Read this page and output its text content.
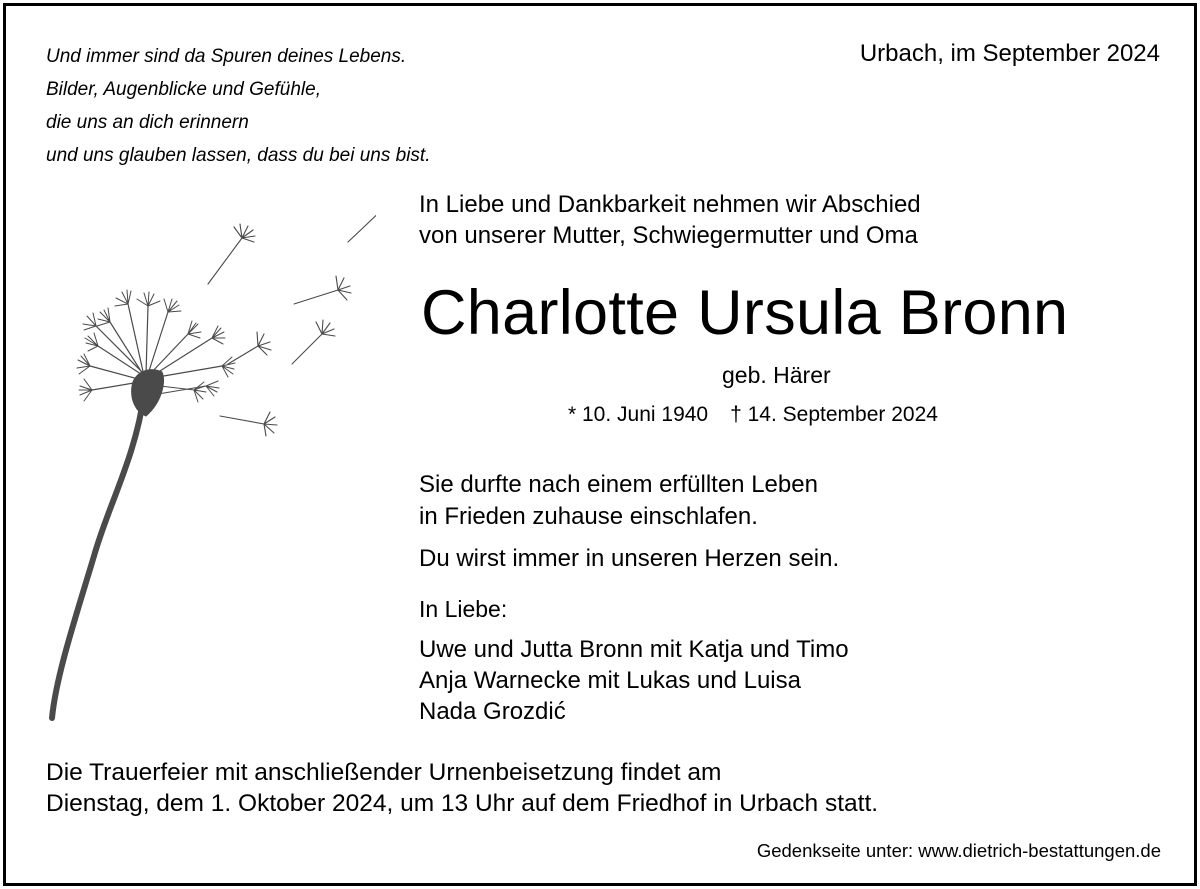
Und immer sind da Spuren deines Lebens.
Bilder, Augenblicke und Gefühle,
die uns an dich erinnern
und uns glauben lassen, dass du bei uns bist.
Urbach, im September 2024
In Liebe und Dankbarkeit nehmen wir Abschied
von unserer Mutter, Schwiegermutter und Oma
Charlotte Ursula Bronn
geb. Härer
* 10. Juni 1940 † 14. September 2024
Sie durfte nach einem erfüllten Leben
in Frieden zuhause einschlafen.
Du wirst immer in unseren Herzen sein.
In Liebe:
Uwe und Jutta Bronn mit Katja und Timo
Anja Warnecke mit Lukas und Luisa
Nada Grozdić
Die Trauerfeier mit anschließender Urnenbeisetzung findet am
Dienstag, dem 1. Oktober 2024, um 13 Uhr auf dem Friedhof in Urbach statt.
Gedenkseite unter: www.dietrich-bestattungen.de
